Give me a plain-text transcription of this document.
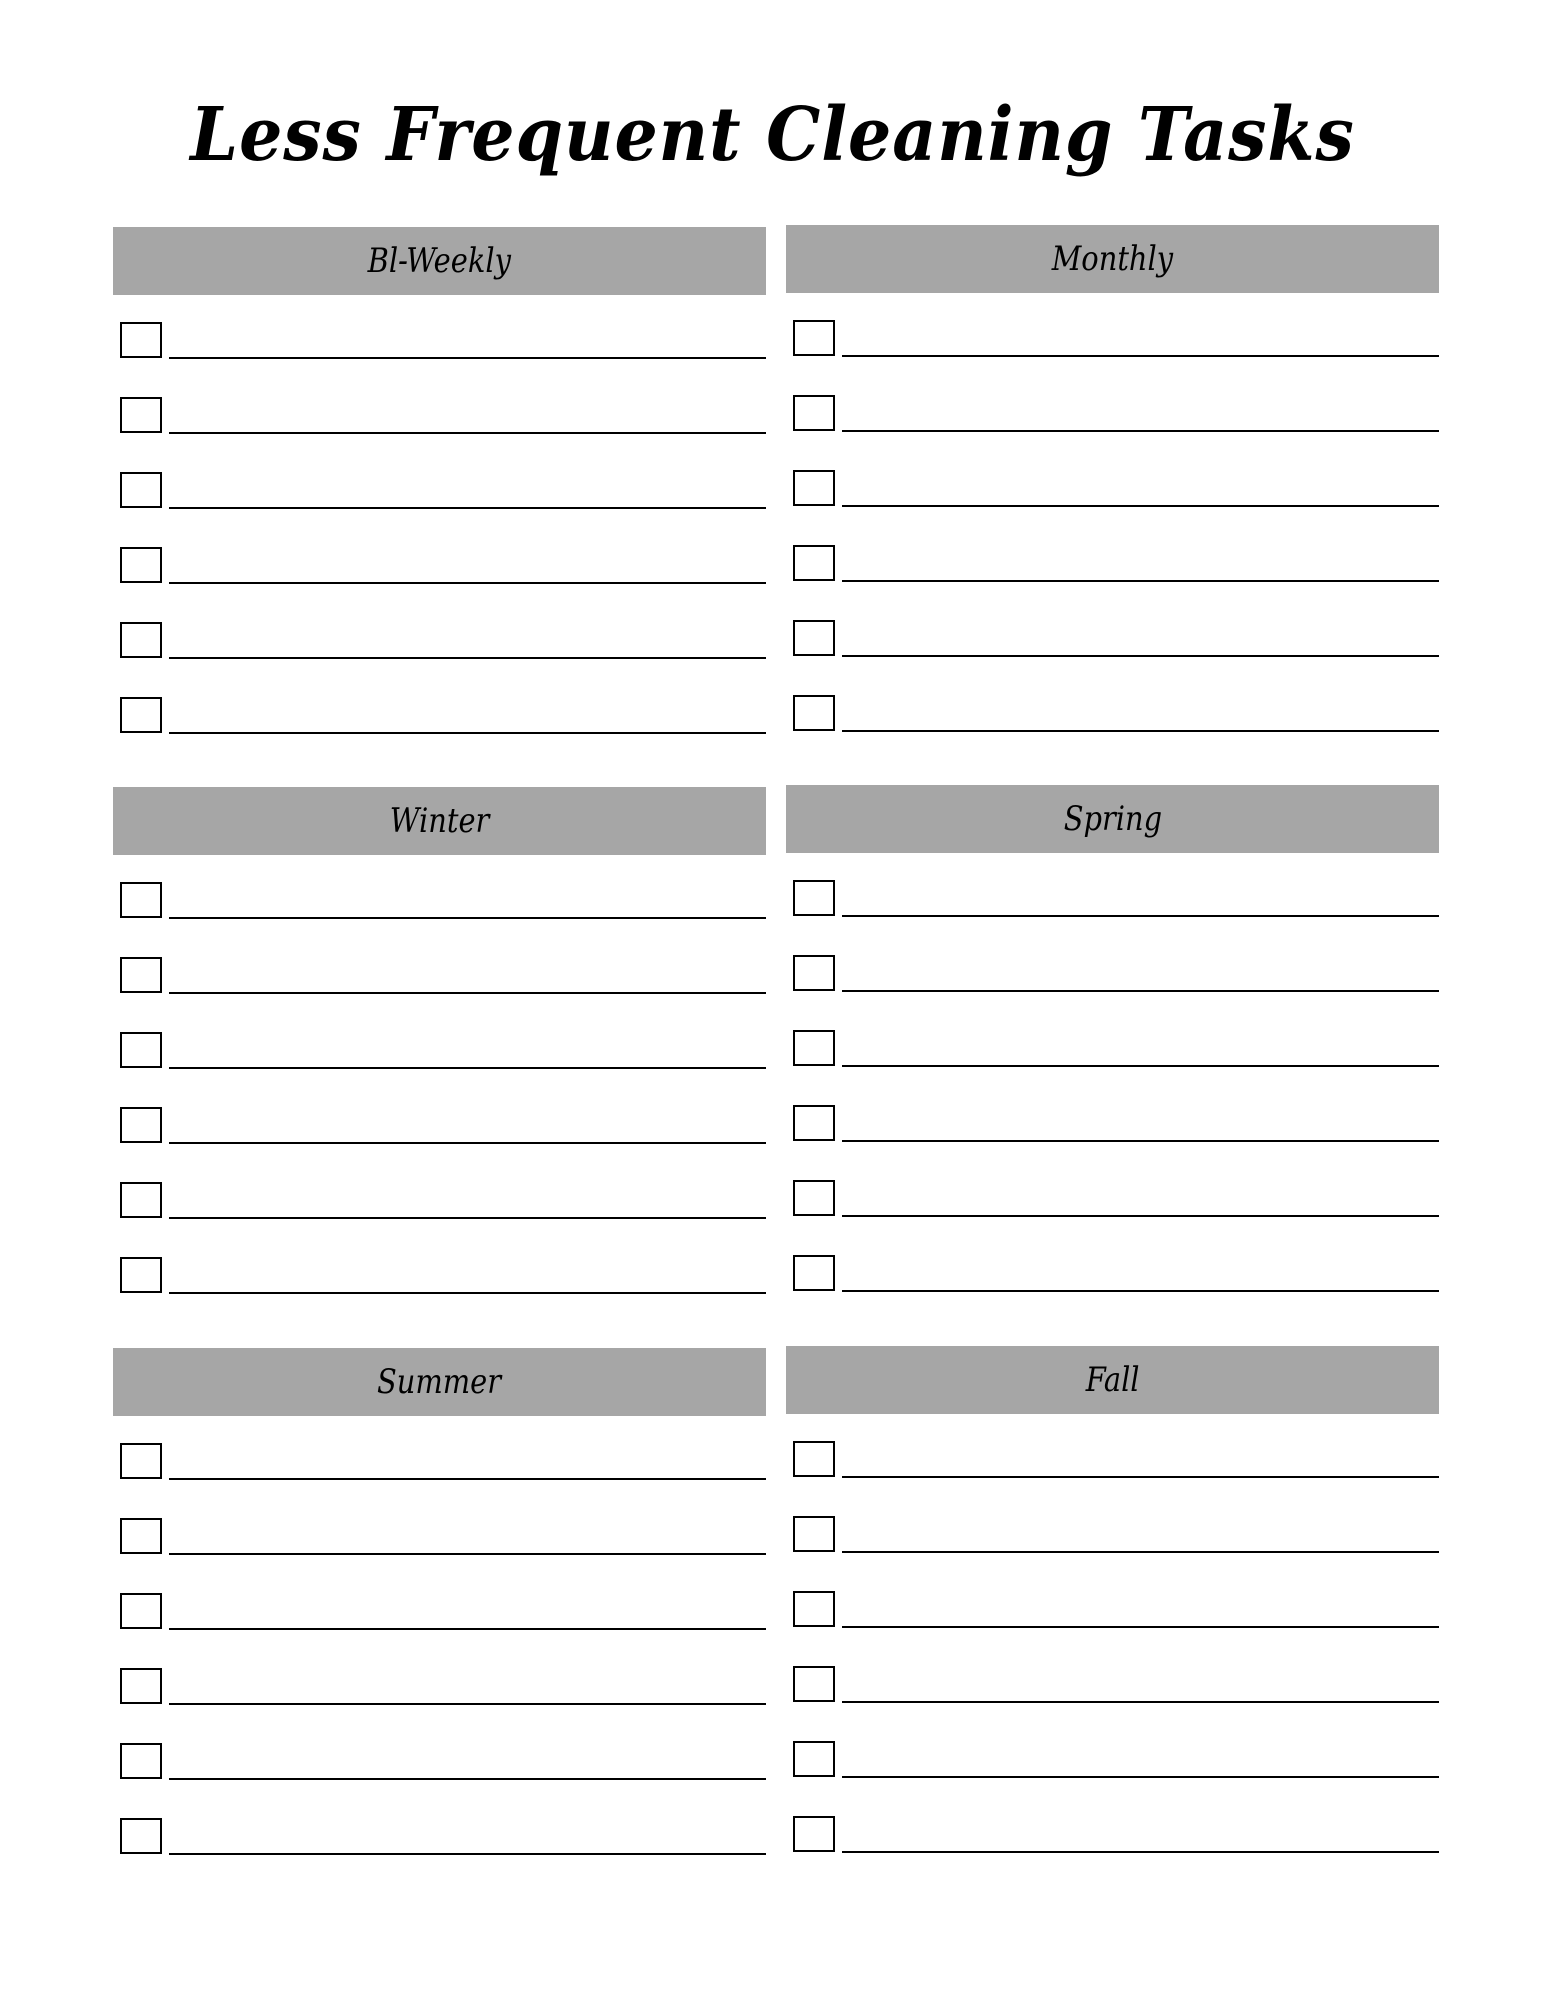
Less Frequent Cleaning Tasks
Bl-Weekly	Monthly
Winter	Spring
Summer	Fall
